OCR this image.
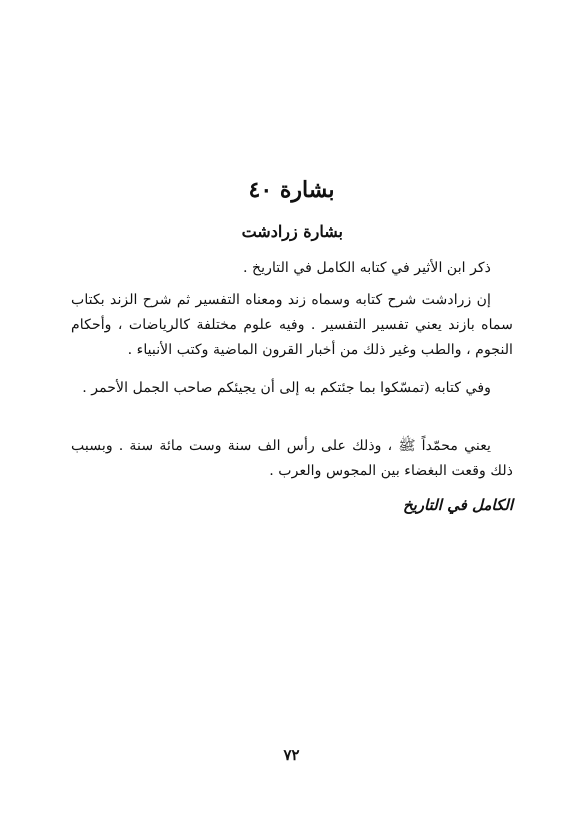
بشارة ٤٠
بشارة زرادشت

ذكر ابن الأثير في كتابه الكامل في التاريخ .

إن زرادشت شرح كتابه وسماه زند ومعناه التفسير ثم شرح الزند بكتاب سماه بازند يعني تفسير التفسير . وفيه علوم مختلفة كالرياضات ، وأحكام النجوم ، والطب وغير ذلك من أخبار القرون الماضية وكتب الأنبياء .

وفي كتابه (تمسّكوا بما جئتكم به إلى أن يجيئكم صاحب الجمل الأحمر .

يعني محمّداً ﷺ ، وذلك على رأس الف سنة وست مائة سنة . وبسبب ذلك وقعت البغضاء بين المجوس والعرب .

الكامل في التاريخ
٧٢
